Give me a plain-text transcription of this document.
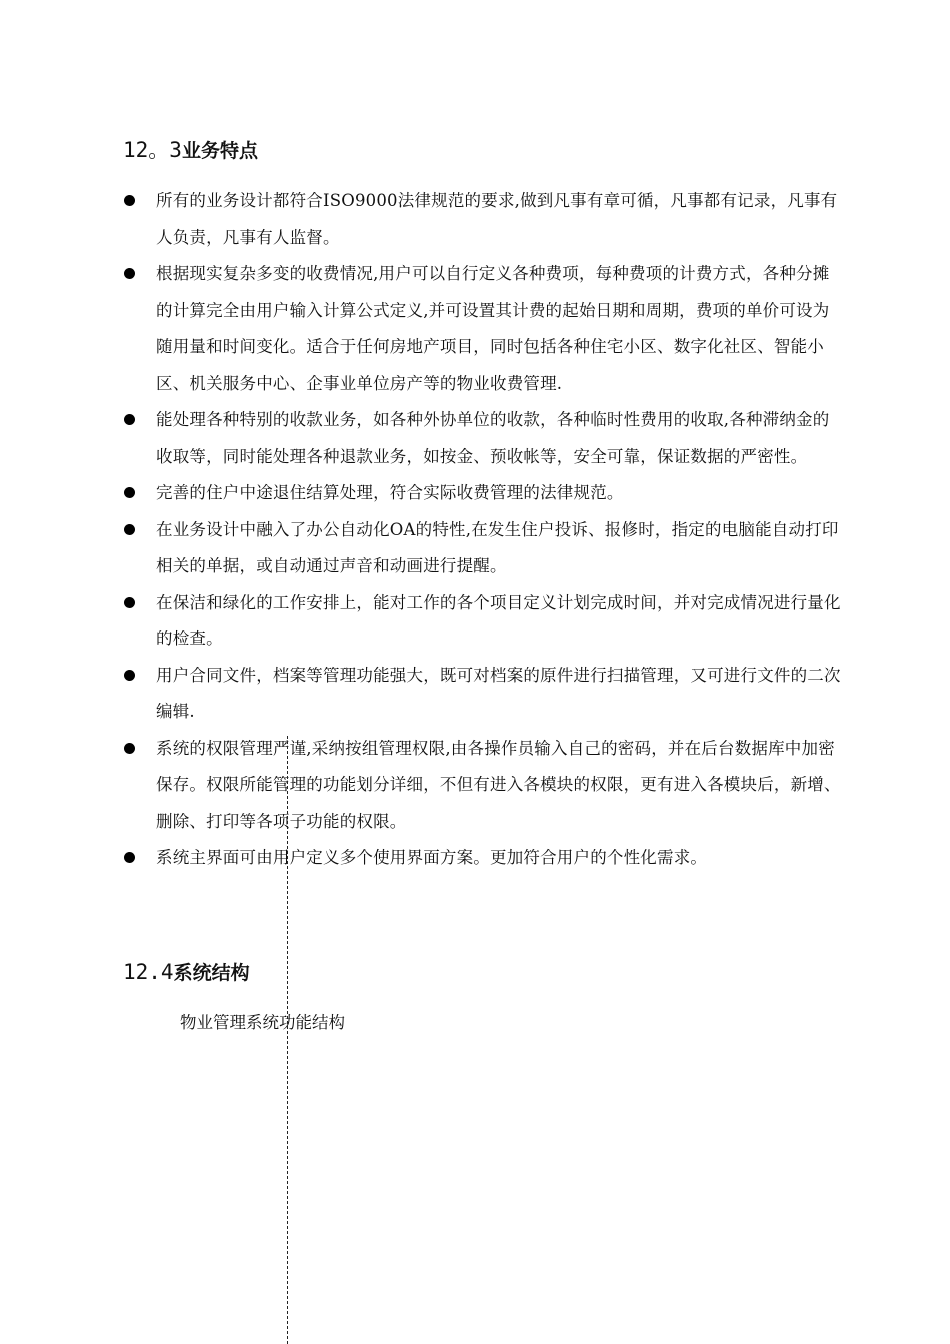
12。3业务特点
所有的业务设计都符合ISO9000法律规范的要求,做到凡事有章可循，凡事都有记录，凡事有人负责，凡事有人监督。
根据现实复杂多变的收费情况,用户可以自行定义各种费项，每种费项的计费方式，各种分摊的计算完全由用户输入计算公式定义,并可设置其计费的起始日期和周期，费项的单价可设为随用量和时间变化。适合于任何房地产项目，同时包括各种住宅小区、数字化社区、智能小区、机关服务中心、企事业单位房产等的物业收费管理.
能处理各种特别的收款业务，如各种外协单位的收款，各种临时性费用的收取,各种滞纳金的收取等，同时能处理各种退款业务，如按金、预收帐等，安全可靠，保证数据的严密性。
完善的住户中途退住结算处理，符合实际收费管理的法律规范。
在业务设计中融入了办公自动化OA的特性,在发生住户投诉、报修时，指定的电脑能自动打印相关的单据，或自动通过声音和动画进行提醒。
在保洁和绿化的工作安排上，能对工作的各个项目定义计划完成时间，并对完成情况进行量化的检查。
用户合同文件，档案等管理功能强大，既可对档案的原件进行扫描管理，又可进行文件的二次编辑.
系统的权限管理严谨,采纳按组管理权限,由各操作员输入自己的密码，并在后台数据库中加密保存。权限所能管理的功能划分详细，不但有进入各模块的权限，更有进入各模块后，新增、删除、打印等各项子功能的权限。
系统主界面可由用户定义多个使用界面方案。更加符合用户的个性化需求。
12.4系统结构

物业管理系统功能结构
